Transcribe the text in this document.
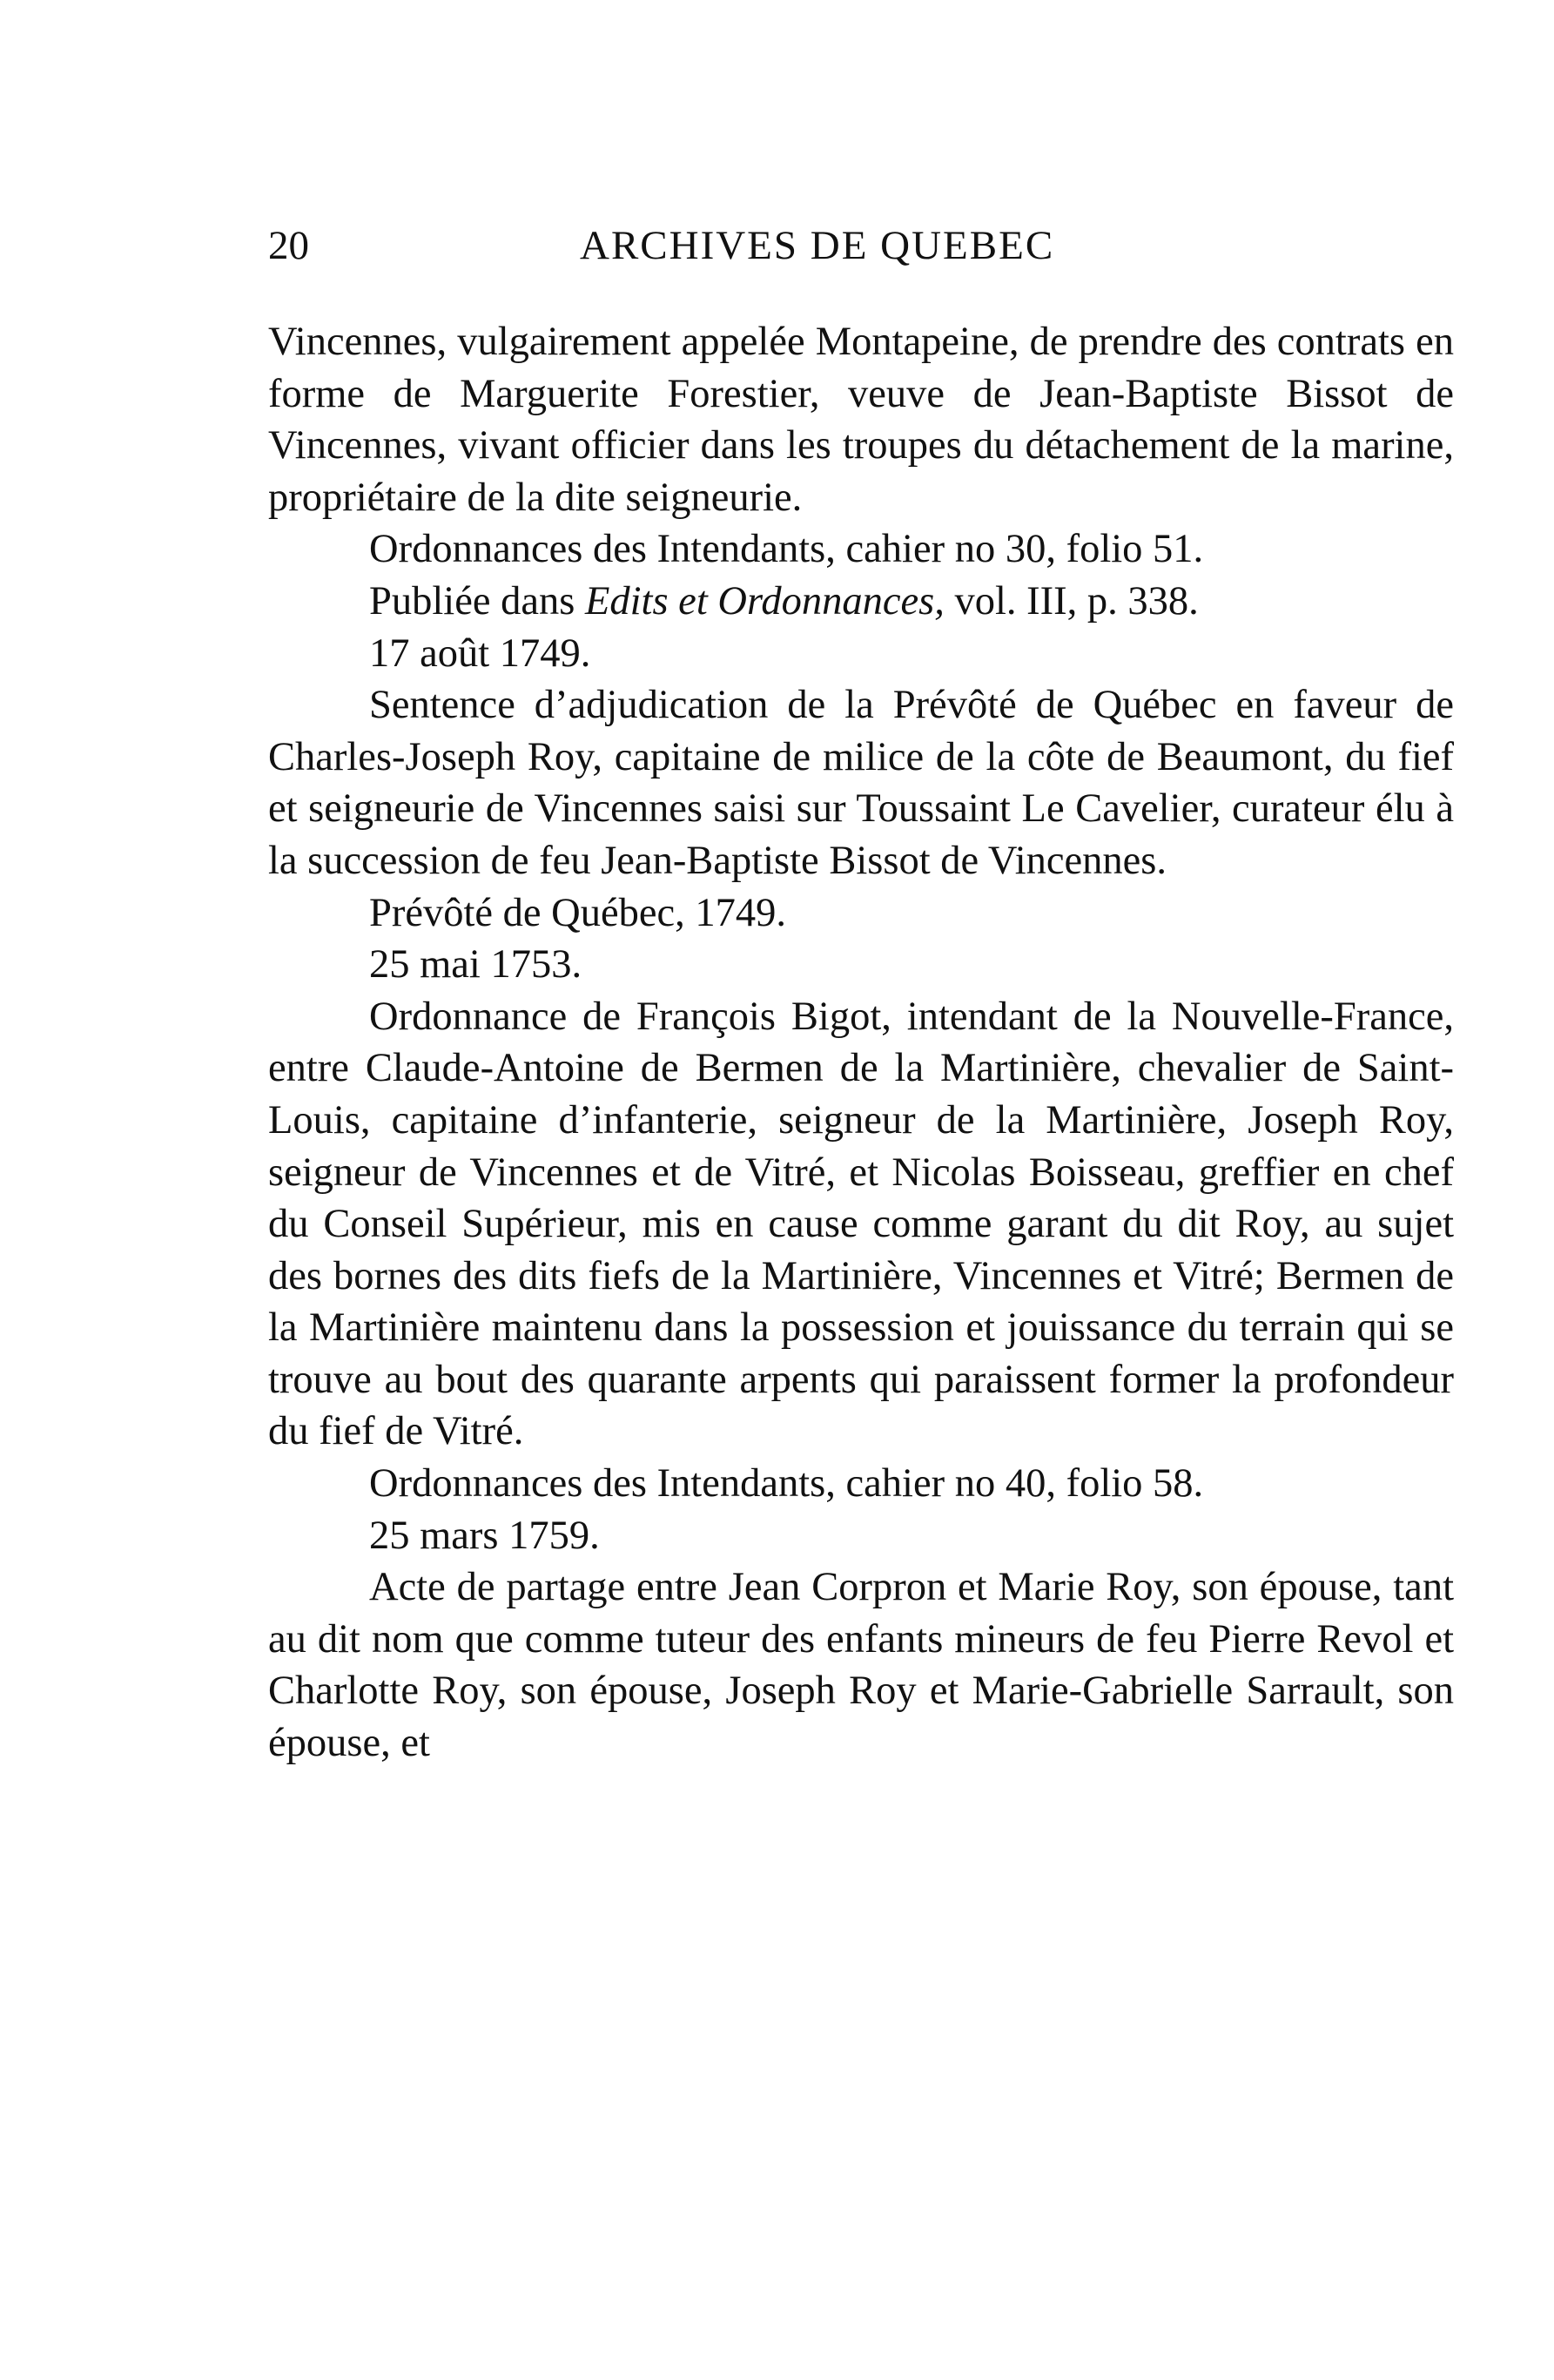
20	ARCHIVES DE QUEBEC

Vincennes, vulgairement appelée Montapeine, de prendre des contrats en forme de Marguerite Forestier, veuve de Jean-Baptiste Bissot de Vincennes, vivant officier dans les troupes du détachement de la marine, propriétaire de la dite seigneurie.

Ordonnances des Intendants, cahier no 30, folio 51.

Publiée dans Edits et Ordonnances, vol. III, p. 338.

17 août 1749.

Sentence d’adjudication de la Prévôté de Québec en faveur de Charles-Joseph Roy, capitaine de milice de la côte de Beaumont, du fief et seigneurie de Vincennes saisi sur Toussaint Le Cavelier, curateur élu à la succession de feu Jean-Baptiste Bissot de Vincennes.

Prévôté de Québec, 1749.

25 mai 1753.

Ordonnance de François Bigot, intendant de la Nouvelle-France, entre Claude-Antoine de Bermen de la Martinière, chevalier de Saint-Louis, capitaine d’infanterie, seigneur de la Martinière, Joseph Roy, seigneur de Vincennes et de Vitré, et Nicolas Boisseau, greffier en chef du Conseil Supérieur, mis en cause comme garant du dit Roy, au sujet des bornes des dits fiefs de la Martinière, Vincennes et Vitré; Bermen de la Martinière maintenu dans la possession et jouissance du terrain qui se trouve au bout des quarante arpents qui paraissent former la profondeur du fief de Vitré.

Ordonnances des Intendants, cahier no 40, folio 58.

25 mars 1759.

Acte de partage entre Jean Corpron et Marie Roy, son épouse, tant au dit nom que comme tuteur des enfants mineurs de feu Pierre Revol et Charlotte Roy, son épouse, Joseph Roy et Marie-Gabrielle Sarrault, son épouse, et
